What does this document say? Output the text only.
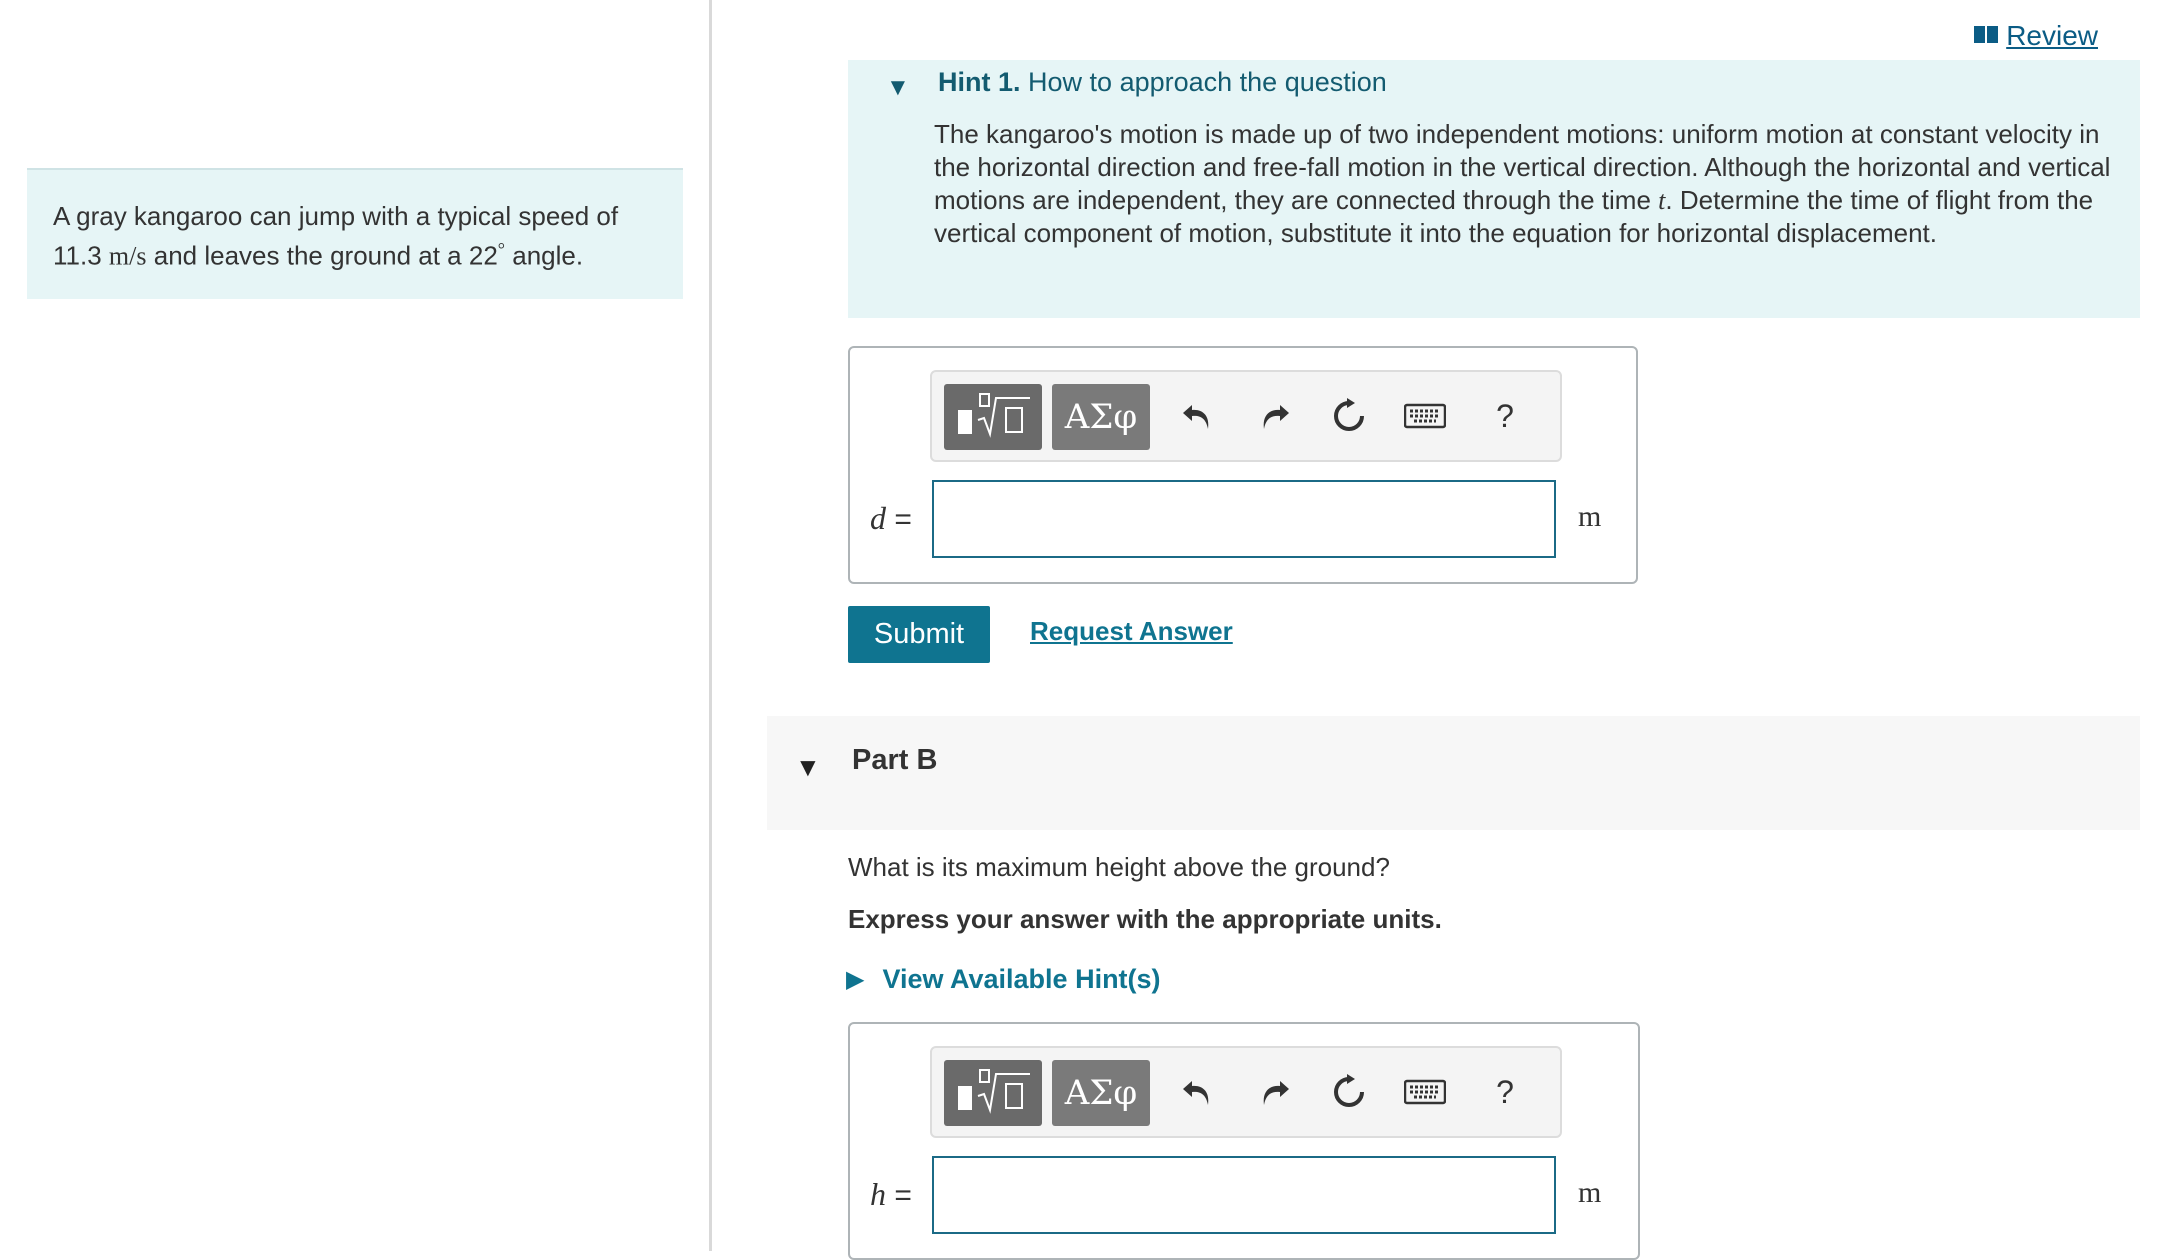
A gray kangaroo can jump with a typical speed of
11.3 m/s and leaves the ground at a 22° angle.
Review
▼ Hint 1. How to approach the question
The kangaroo's motion is made up of two independent motions: uniform motion at constant velocity in the horizontal direction and free-fall motion in the vertical direction. Although the horizontal and vertical motions are independent, they are connected through the time t. Determine the time of flight from the vertical component of motion, substitute it into the equation for horizontal displacement.
ΑΣφ	?
d =	m
Submit	Request Answer
▼ Part B
What is its maximum height above the ground?
Express your answer with the appropriate units.
▶ View Available Hint(s)
ΑΣφ	?
h =	m
